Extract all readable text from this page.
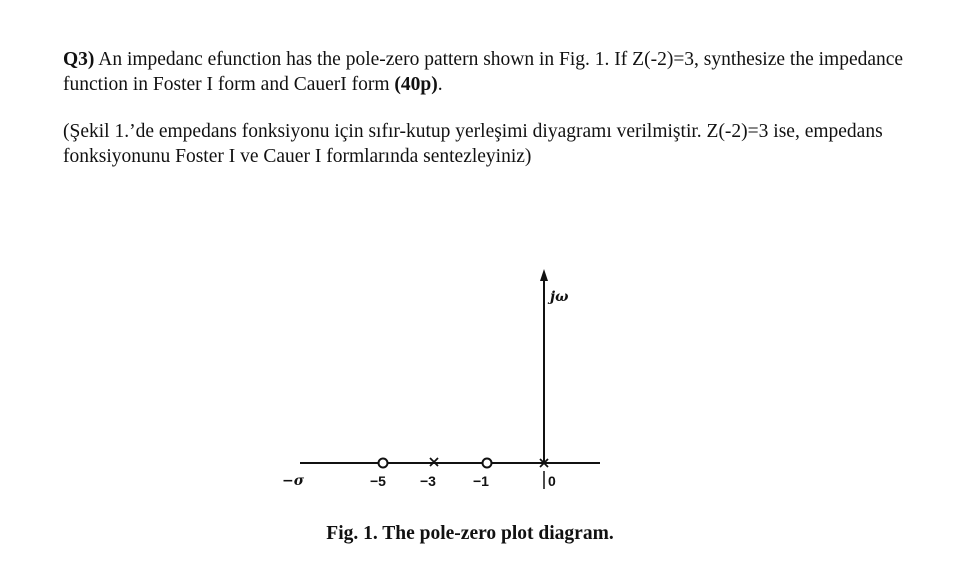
Q3) An impedanc efunction has the pole-zero pattern shown in Fig. 1. If Z(-2)=3, synthesize the impedance function in Foster I form and CauerI form (40p).
(Şekil 1.’de empedans fonksiyonu için sıfır-kutup yerleşimi diyagramı verilmiştir. Z(-2)=3 ise, empedans fonksiyonunu Foster I ve Cauer I formlarında sentezleyiniz)
jω
−σ	−5 −3	−1	0
Fig. 1. The pole-zero plot diagram.
